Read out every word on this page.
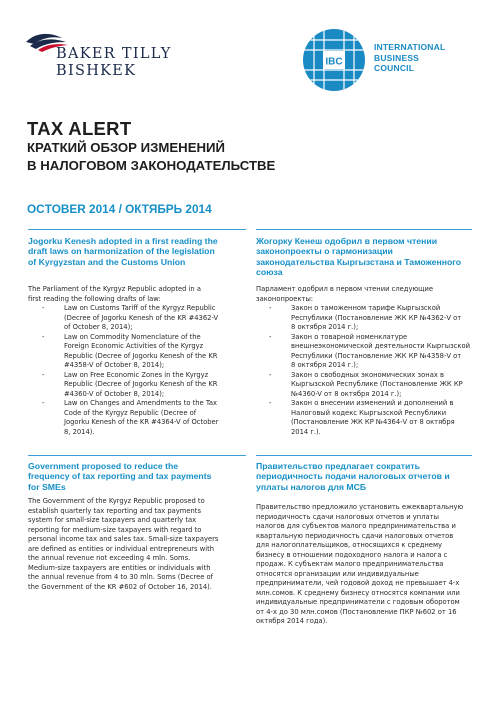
BAKER TILLY
BISHKEK
IBC
INTERNATIONAL
BUSINESS
COUNCIL
TAX ALERT
КРАТКИЙ ОБЗОР ИЗМЕНЕНИЙ
В НАЛОГОВОМ ЗАКОНОДАТЕЛЬСТВЕ
OCTOBER 2014 / ОКТЯБРЬ 2014
Jogorku Kenesh adopted in a first reading the
draft laws on harmonization of the legislation
of Kyrgyzstan and the Customs Union
The Parliament of the Kyrgyz Republic adopted in a
first reading the following drafts of law:
-	Law on Customs Tariff of the Kyrgyz Republic
(Decree of Jogorku Kenesh of the KR #4362-V
of October 8, 2014);
-	Law on Commodity Nomenclature of the
Foreign Economic Activities of the Kyrgyz
Republic (Decree of Jogorku Kenesh of the KR
#4358-V of October 8, 2014);
-	Law on Free Economic Zones in the Kyrgyz
Republic (Decree of Jogorku Kenesh of the KR
#4360-V of October 8, 2014);
-	Law on Changes and Amendments to the Tax
Code of the Kyrgyz Republic (Decree of
Jogorku Kenesh of the KR #4364-V of October
8, 2014).
Government proposed to reduce the
frequency of tax reporting and tax payments
for SMEs
The Government of the Kyrgyz Republic proposed to
establish quarterly tax reporting and tax payments
system for small-size taxpayers and quarterly tax
reporting for medium-size taxpayers with regard to
personal income tax and sales tax. Small-size taxpayers
are defined as entities or individual entrepreneurs with
the annual revenue not exceeding 4 mln. Soms.
Medium-size taxpayers are entities or individuals with
the annual revenue from 4 to 30 mln. Soms (Decree of
the Government of the KR #602 of October 16, 2014).
Жогорку Кенеш одобрил в первом чтении
законопроекты о гармонизации
законодательства Кыргызстана и Таможенного
союза
Парламент одобрил в первом чтении следующие
законопроекты:
-	Закон о таможенном тарифе Кыргызской
Республики (Постановление ЖК КР №4362-V от
8 октября 2014 г.);
-	Закон о товарной номенклатуре
внешнеэкономической деятельности Кыргызской
Республики (Постановление ЖК КР №4358-V от
8 октября 2014 г.);
-	Закон о свободных экономических зонах в
Кыргызской Республике (Постановление ЖК КР
№4360-V от 8 октября 2014 г.);
-	Закон о внесении изменений и дополнений в
Налоговый кодекс Кыргызской Республики
(Постановление ЖК КР №4364-V от 8 октября
2014 г.).
Правительство предлагает сократить
периодичность подачи налоговых отчетов и
уплаты налогов для МСБ
Правительство предложило установить ежеквартальную
периодичность сдачи налоговых отчетов и уплаты
налогов для субъектов малого предпринимательства и
квартальную периодичность сдачи налоговых отчетов
для налогоплательщиков, относящихся к среднему
бизнесу в отношении подоходного налога и налога с
продаж. К субъектам малого предпринимательства
относятся организации или индивидуальные
предприниматели, чей годовой доход не превышает 4-х
млн.сомов. К среднему бизнесу относятся компании или
индивидуальные предприниматели с годовым оборотом
от 4-х до 30 млн.сомов (Постановление ПКР №602 от 16
октября 2014 года).
